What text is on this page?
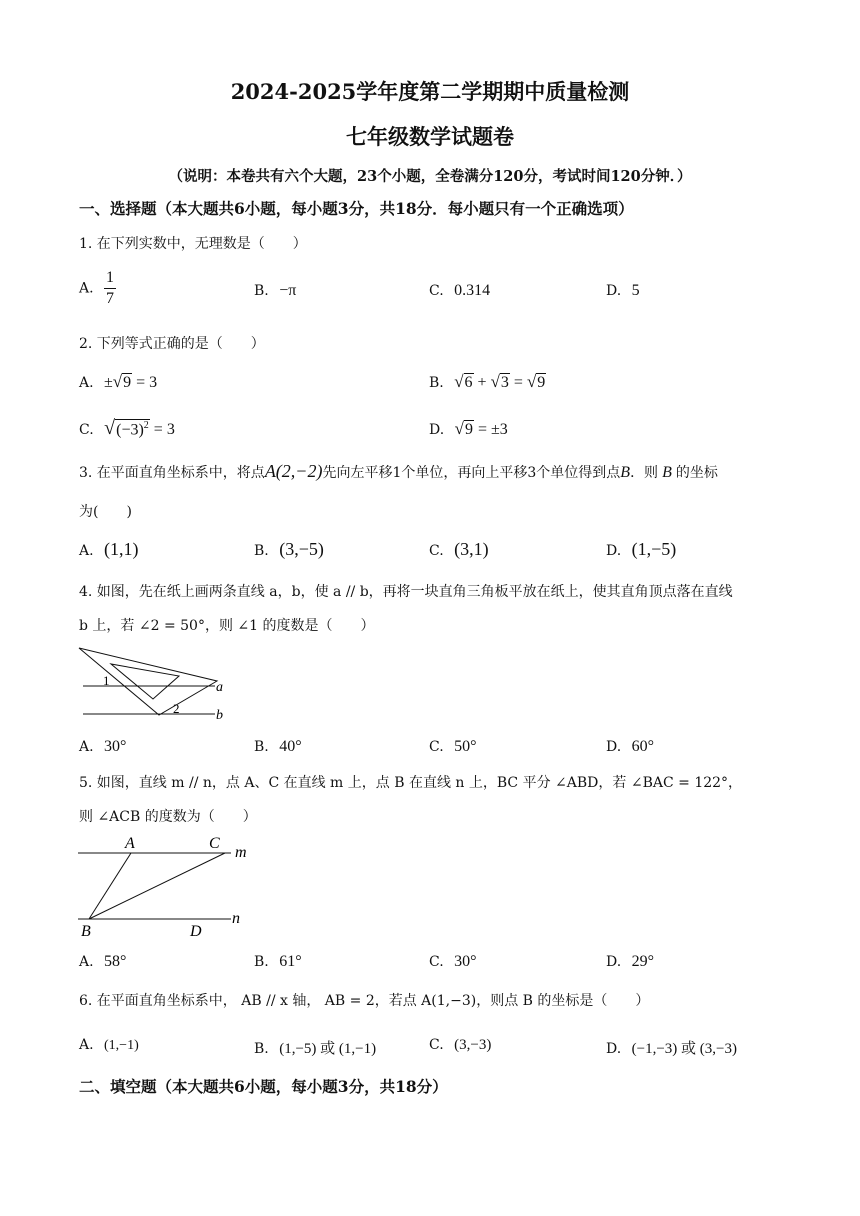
2024-2025学年度第二学期期中质量检测
七年级数学试题卷
（说明：本卷共有六个大题，23个小题，全卷满分120分，考试时间120分钟．）
一、选择题（本大题共6小题，每小题3分，共18分．每小题只有一个正确选项）
1. 在下列实数中，无理数是（　　）
A. $\frac{1}{7}$	B. −π	C. 0.314	D. 5
2. 下列等式正确的是（　　）
A. ±√9 = 3	B. √6 + √3 = √9
C. $√(-3)^2 = 3$	D. √9 = ±3
3. 在平面直角坐标系中，将点A(2,−2)先向左平移1个单位，再向上平移3个单位得到点B．则 B 的坐标
为(　　)
A. (1,1)	B. (3,−5)	C. (3,1)	D. (1,−5)
4. 如图，先在纸上画两条直线 a，b，使 a // b，再将一块直角三角板平放在纸上，使其直角顶点落在直线
b 上，若 ∠2 = 50°，则 ∠1 的度数是（　　）
1
2
a
b
A. 30°	B. 40°	C. 50°	D. 60°
5. 如图，直线 m // n，点 A、C 在直线 m 上，点 B 在直线 n 上，BC 平分 ∠ABD，若 ∠BAC = 122°，
则 ∠ACB 的度数为（　　）
A	C
m
B	D
n
A. 58°	B. 61°	C. 30°	D. 29°
6. 在平面直角坐标系中， AB // x 轴， AB = 2，若点 A(1,−3)，则点 B 的坐标是（　　）
A. (1,−1)	B. (1,−5) 或 (1,−1)	C. (3,−3)	D. (−1,−3) 或 (3,−3)
二、填空题（本大题共6小题，每小题3分，共18分）
